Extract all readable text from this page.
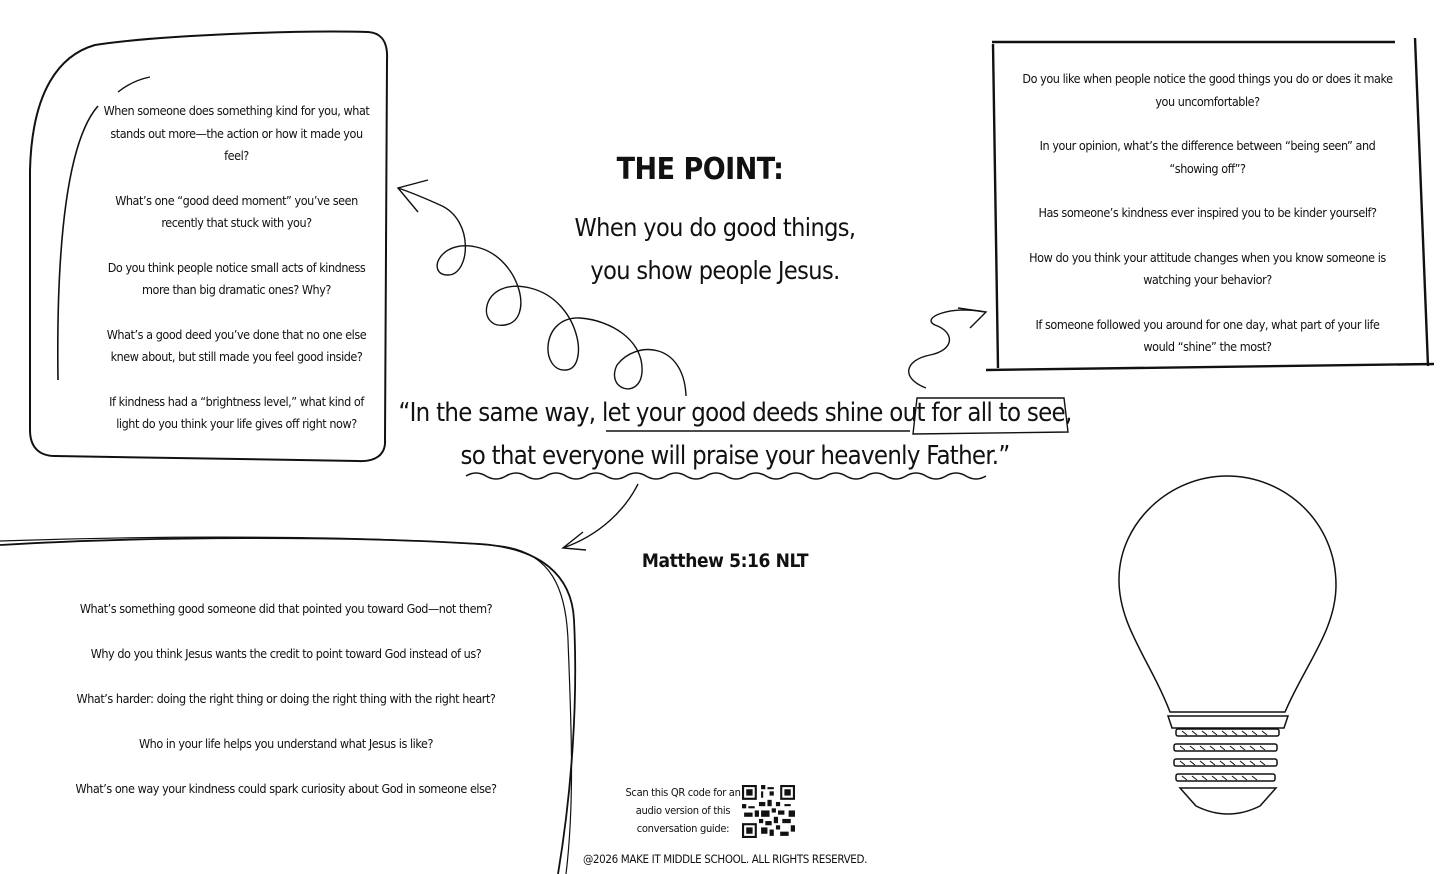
When someone does something kind for you, what stands out more—the action or how it made you feel?

What’s one “good deed moment” you’ve seen recently that stuck with you?

Do you think people notice small acts of kindness more than big dramatic ones? Why?

What’s a good deed you’ve done that no one else knew about, but still made you feel good inside?

If kindness had a “brightness level,” what kind of light do you think your life gives off right now?

Do you like when people notice the good things you do or does it make you uncomfortable?

In your opinion, what’s the difference between “being seen” and “showing off”?

Has someone’s kindness ever inspired you to be kinder yourself?

How do you think your attitude changes when you know someone is watching your behavior?

If someone followed you around for one day, what part of your life would “shine” the most?

What’s something good someone did that pointed you toward God—not them?

Why do you think Jesus wants the credit to point toward God instead of us?

What’s harder: doing the right thing or doing the right thing with the right heart?

Who in your life helps you understand what Jesus is like?

What’s one way your kindness could spark curiosity about God in someone else?

THE POINT:
When you do good things,
you show people Jesus.
“In the same way, let your good deeds shine out for all to see,
so that everyone will praise your heavenly Father.”
Matthew 5:16 NLT
Scan this QR code for an audio version of this conversation guide:
@2026 MAKE IT MIDDLE SCHOOL. ALL RIGHTS RESERVED.
